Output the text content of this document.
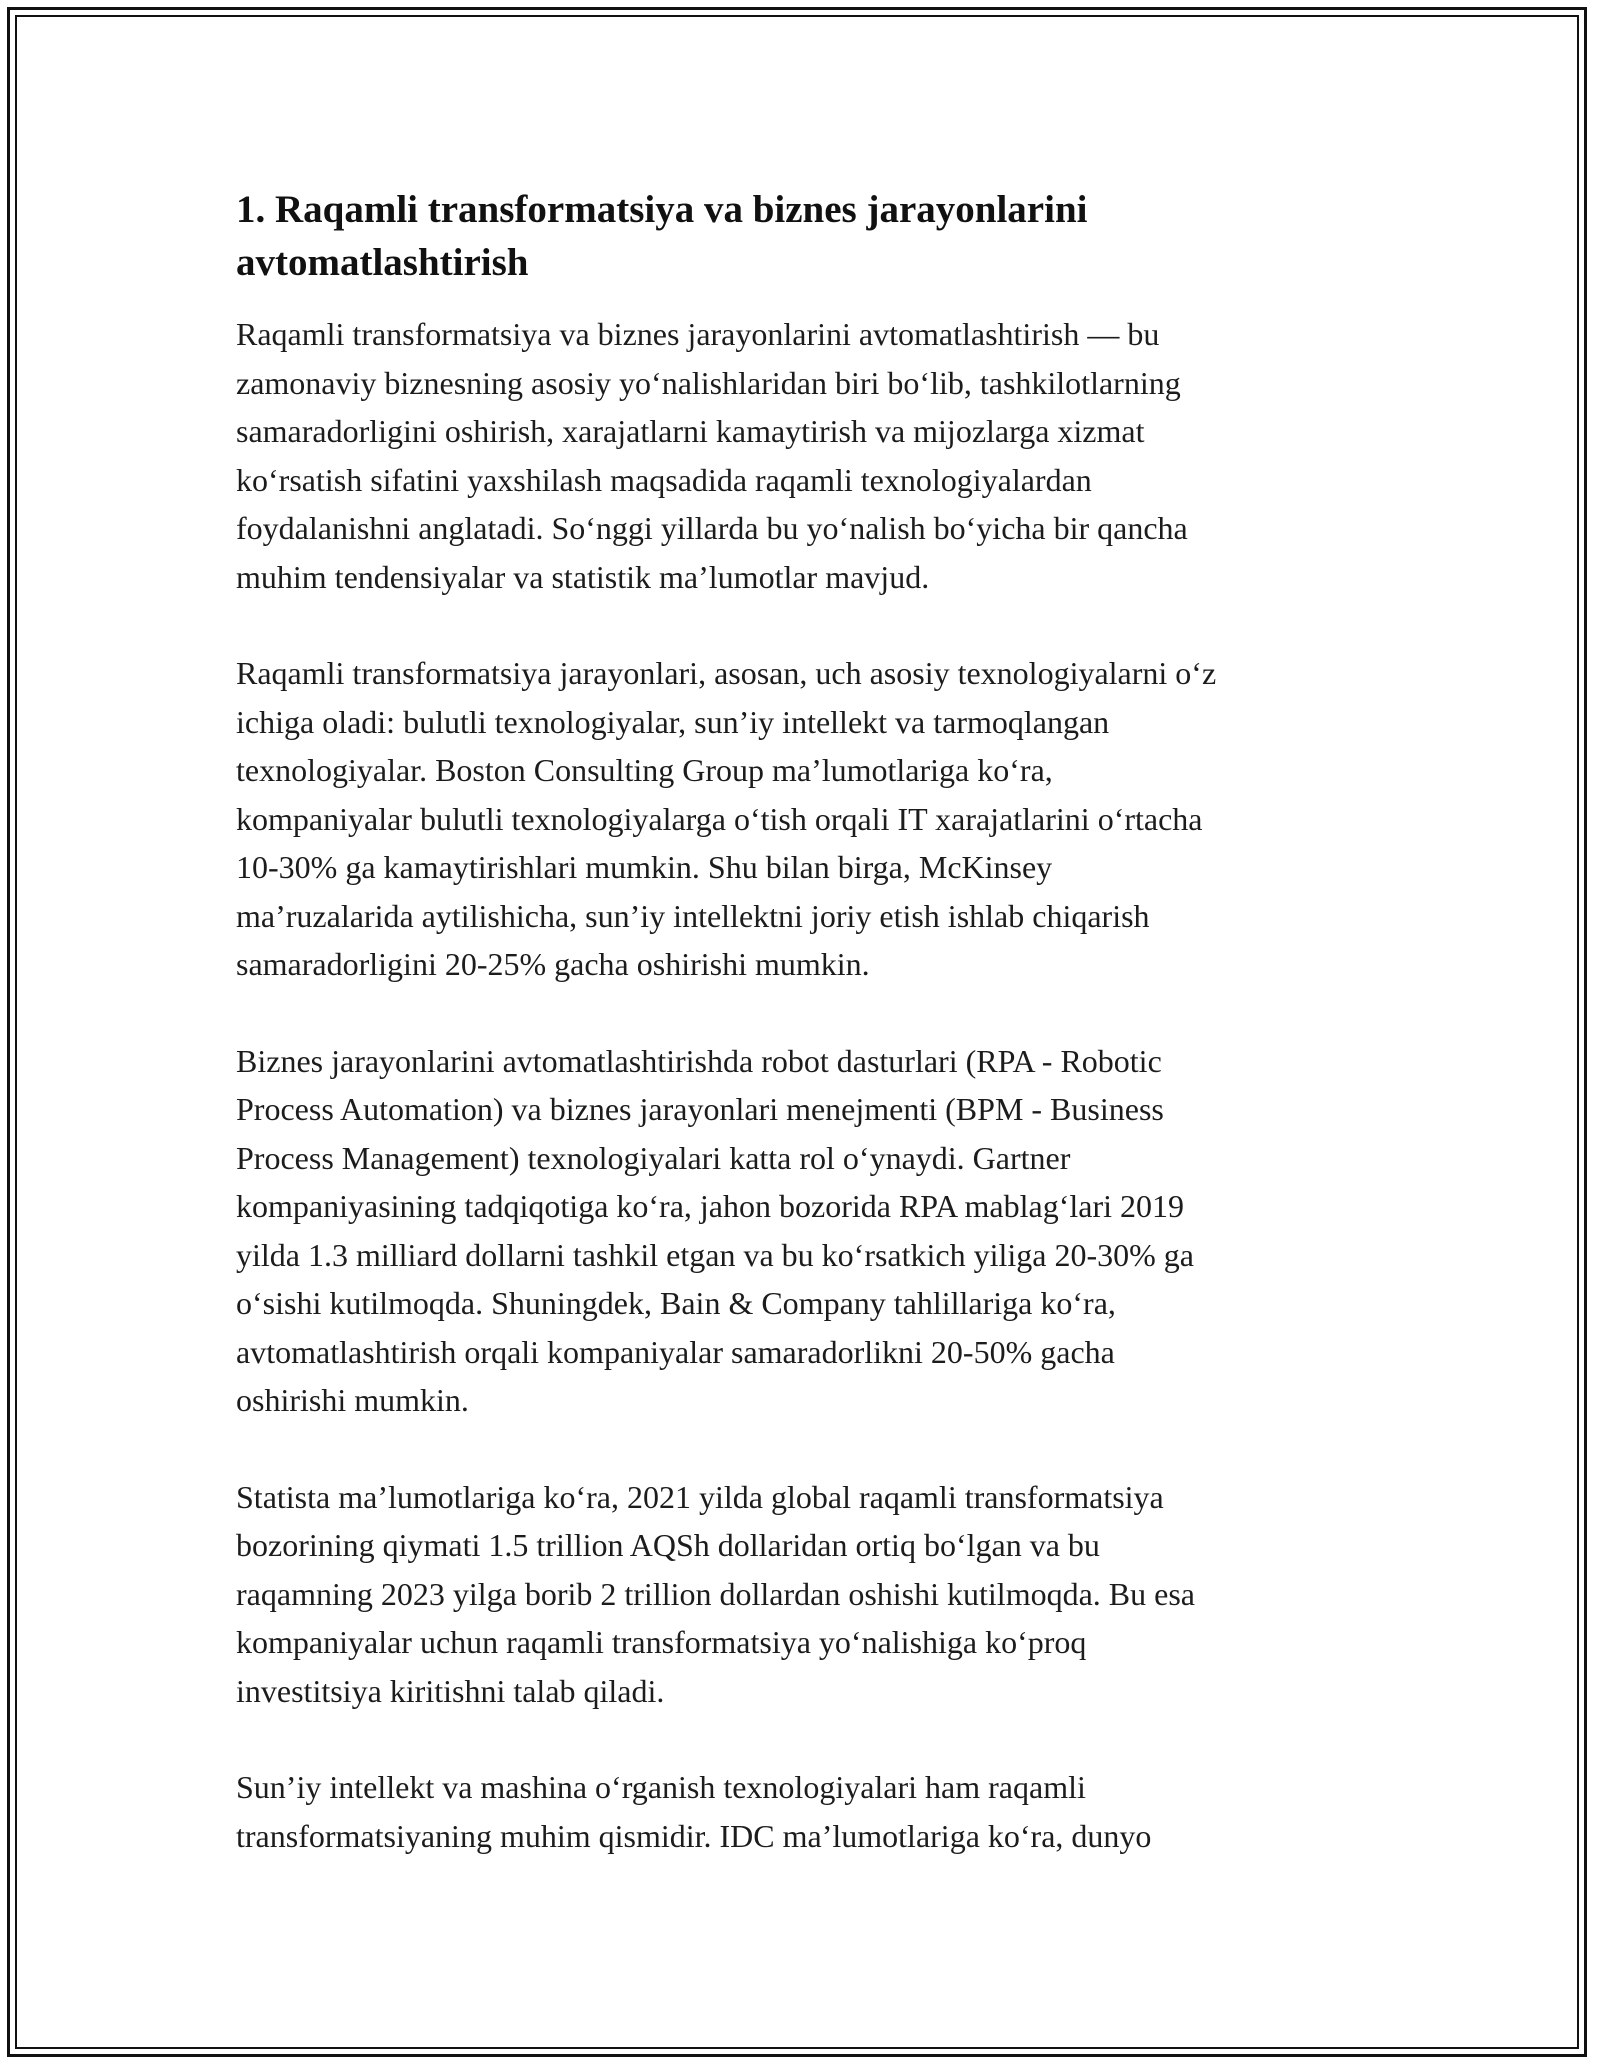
1. Raqamli transformatsiya va biznes jarayonlarini
avtomatlashtirish

Raqamli transformatsiya va biznes jarayonlarini avtomatlashtirish — bu
zamonaviy biznesning asosiy yoʻnalishlaridan biri boʻlib, tashkilotlarning
samaradorligini oshirish, xarajatlarni kamaytirish va mijozlarga xizmat
koʻrsatish sifatini yaxshilash maqsadida raqamli texnologiyalardan
foydalanishni anglatadi. Soʻnggi yillarda bu yoʻnalish boʻyicha bir qancha
muhim tendensiyalar va statistik maʼlumotlar mavjud.

Raqamli transformatsiya jarayonlari, asosan, uch asosiy texnologiyalarni oʻz
ichiga oladi: bulutli texnologiyalar, sunʼiy intellekt va tarmoqlangan
texnologiyalar. Boston Consulting Group maʼlumotlariga koʻra,
kompaniyalar bulutli texnologiyalarga oʻtish orqali IT xarajatlarini oʻrtacha
10-30% ga kamaytirishlari mumkin. Shu bilan birga, McKinsey
maʼruzalarida aytilishicha, sunʼiy intellektni joriy etish ishlab chiqarish
samaradorligini 20-25% gacha oshirishi mumkin.

Biznes jarayonlarini avtomatlashtirishda robot dasturlari (RPA - Robotic
Process Automation) va biznes jarayonlari menejmenti (BPM - Business
Process Management) texnologiyalari katta rol oʻynaydi. Gartner
kompaniyasining tadqiqotiga koʻra, jahon bozorida RPA mablagʻlari 2019
yilda 1.3 milliard dollarni tashkil etgan va bu koʻrsatkich yiliga 20-30% ga
oʻsishi kutilmoqda. Shuningdek, Bain & Company tahlillariga koʻra,
avtomatlashtirish orqali kompaniyalar samaradorlikni 20-50% gacha
oshirishi mumkin.

Statista maʼlumotlariga koʻra, 2021 yilda global raqamli transformatsiya
bozorining qiymati 1.5 trillion AQSh dollaridan ortiq boʻlgan va bu
raqamning 2023 yilga borib 2 trillion dollardan oshishi kutilmoqda. Bu esa
kompaniyalar uchun raqamli transformatsiya yoʻnalishiga koʻproq
investitsiya kiritishni talab qiladi.

Sunʼiy intellekt va mashina oʻrganish texnologiyalari ham raqamli
transformatsiyaning muhim qismidir. IDC maʼlumotlariga koʻra, dunyo
